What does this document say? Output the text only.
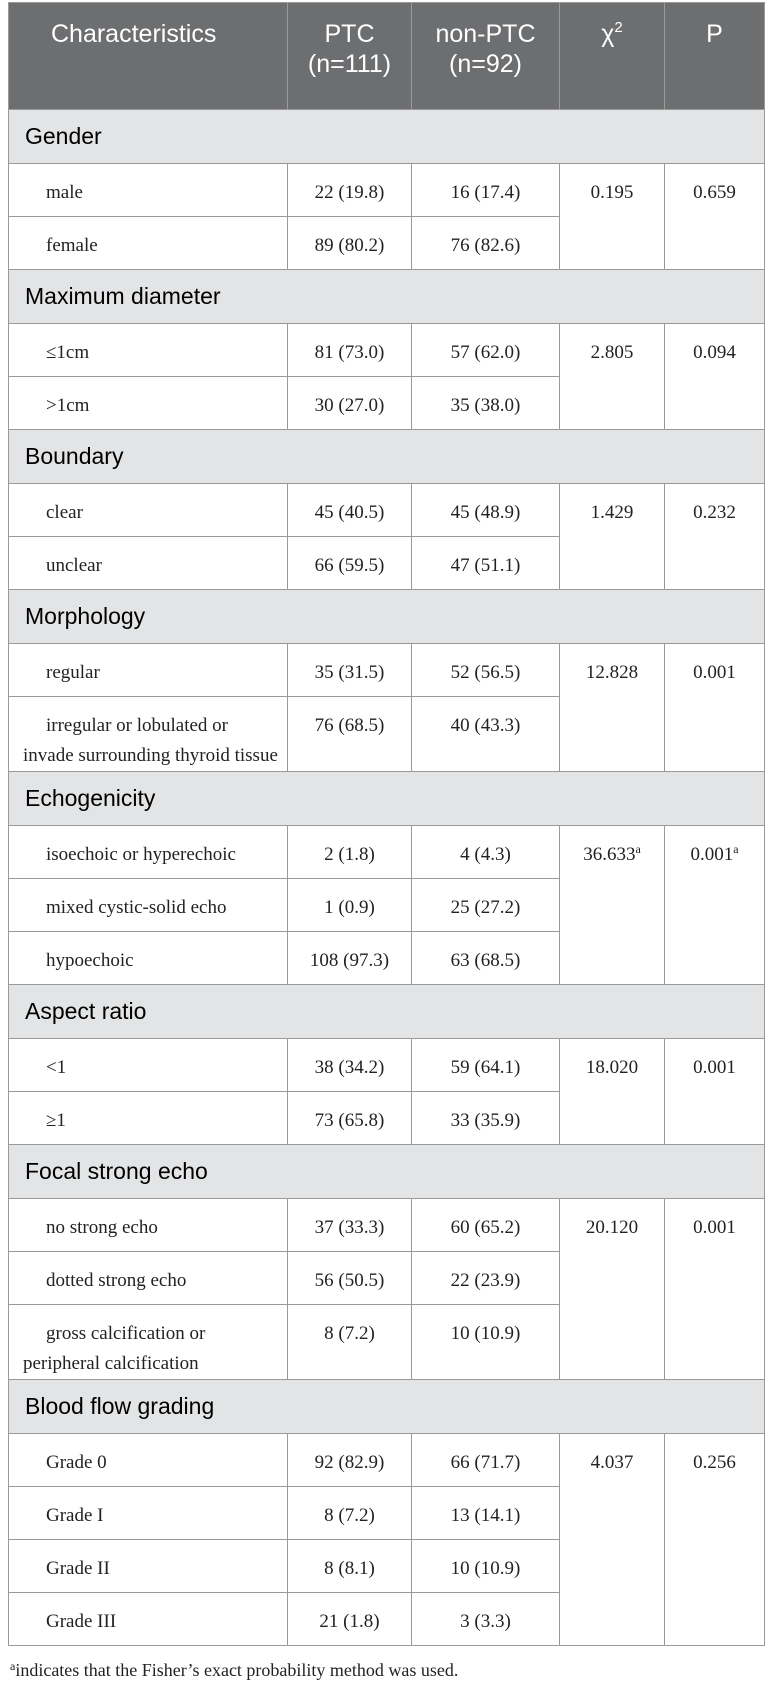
Characteristics	PTC (n=111)	non-PTC (n=92)	$\chi^2$	P
Gender				
male	22 (19.8)	16 (17.4)	0.195	0.659
female	89 (80.2)	76 (82.6)		
Maximum diameter				
≤1cm	81 (73.0)	57 (62.0)	2.805	0.094
>1cm	30 (27.0)	35 (38.0)		
Boundary				
clear	45 (40.5)	45 (48.9)	1.429	0.232
unclear	66 (59.5)	47 (51.1)		
Morphology				
regular	35 (31.5)	52 (56.5)	12.828	0.001
irregular or lobulated or invade surrounding thyroid tissue	76 (68.5)	40 (43.3)		
Echogenicity				
isoechoic or hyperechoic	2 (1.8)	4 (4.3)	36.633$^a$	0.001$^a$
mixed cystic-solid echo	1 (0.9)	25 (27.2)		
hypoechoic	108 (97.3)	63 (68.5)		
Aspect ratio				
<1	38 (34.2)	59 (64.1)	18.020	0.001
≥1	73 (65.8)	33 (35.9)		
Focal strong echo				
no strong echo	37 (33.3)	60 (65.2)	20.120	0.001
dotted strong echo	56 (50.5)	22 (23.9)		
gross calcification or peripheral calcification	8 (7.2)	10 (10.9)		
Blood flow grading				
Grade 0	92 (82.9)	66 (71.7)	4.037	0.256
Grade I	8 (7.2)	13 (14.1)		
Grade II	8 (8.1)	10 (10.9)		
Grade III	21 (1.8)	3 (3.3)		
$^a$indicates that the Fisher’s exact probability method was used.
